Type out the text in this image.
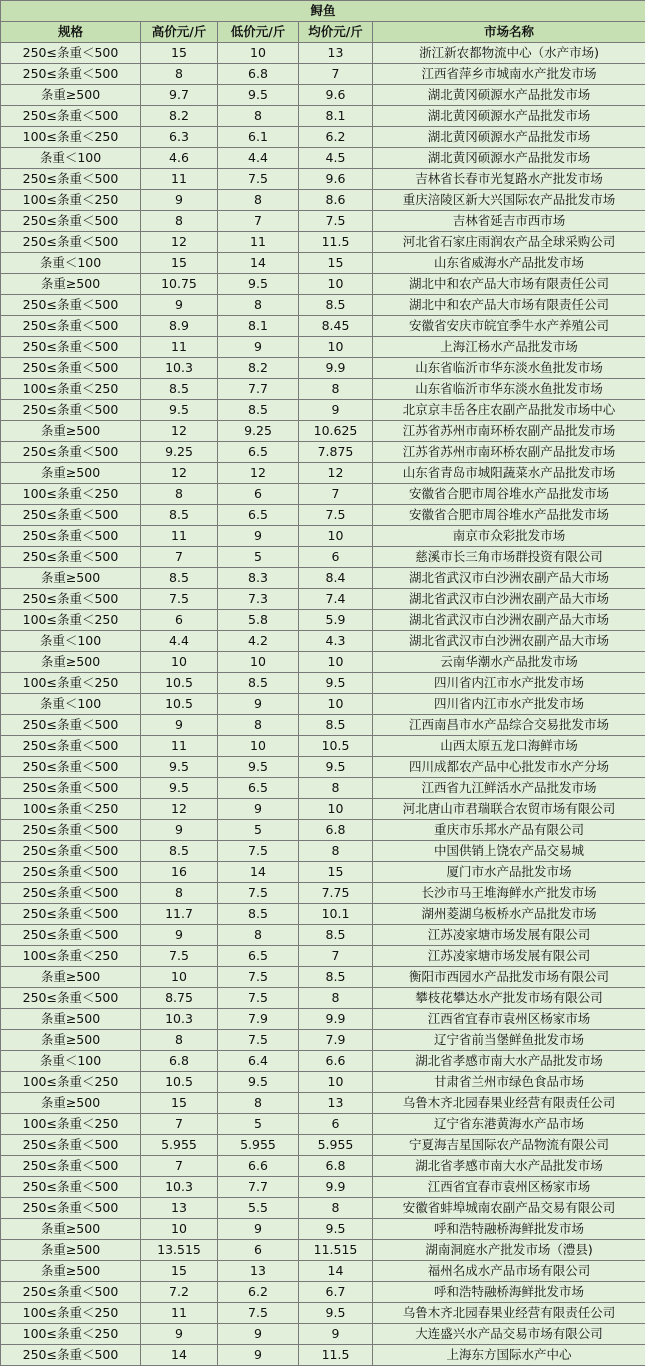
鲟鱼				
规格	高价元/斤	低价元/斤	均价元/斤	市场名称
250≤条重＜500	15	10	13	浙江新农都物流中心（水产市场)
250≤条重＜500	8	6.8	7	江西省萍乡市城南水产批发市场
条重≥500	9.7	9.5	9.6	湖北黄冈硕源水产品批发市场
250≤条重＜500	8.2	8	8.1	湖北黄冈硕源水产品批发市场
100≤条重＜250	6.3	6.1	6.2	湖北黄冈硕源水产品批发市场
条重＜100	4.6	4.4	4.5	湖北黄冈硕源水产品批发市场
250≤条重＜500	11	7.5	9.6	吉林省长春市光复路水产批发市场
100≤条重＜250	9	8	8.6	重庆涪陵区新大兴国际农产品批发市场
250≤条重＜500	8	7	7.5	吉林省延吉市西市场
250≤条重＜500	12	11	11.5	河北省石家庄雨润农产品全球采购公司
条重＜100	15	14	15	山东省威海水产品批发市场
条重≥500	10.75	9.5	10	湖北中和农产品大市场有限责任公司
250≤条重＜500	9	8	8.5	湖北中和农产品大市场有限责任公司
250≤条重＜500	8.9	8.1	8.45	安徽省安庆市皖宜季牛水产养殖公司
250≤条重＜500	11	9	10	上海江杨水产品批发市场
250≤条重＜500	10.3	8.2	9.9	山东省临沂市华东淡水鱼批发市场
100≤条重＜250	8.5	7.7	8	山东省临沂市华东淡水鱼批发市场
250≤条重＜500	9.5	8.5	9	北京京丰岳各庄农副产品批发市场中心
条重≥500	12	9.25	10.625	江苏省苏州市南环桥农副产品批发市场
250≤条重＜500	9.25	6.5	7.875	江苏省苏州市南环桥农副产品批发市场
条重≥500	12	12	12	山东省青岛市城阳蔬菜水产品批发市场
100≤条重＜250	8	6	7	安徽省合肥市周谷堆水产品批发市场
250≤条重＜500	8.5	6.5	7.5	安徽省合肥市周谷堆水产品批发市场
250≤条重＜500	11	9	10	南京市众彩批发市场
250≤条重＜500	7	5	6	慈溪市长三角市场群投资有限公司
条重≥500	8.5	8.3	8.4	湖北省武汉市白沙洲农副产品大市场
250≤条重＜500	7.5	7.3	7.4	湖北省武汉市白沙洲农副产品大市场
100≤条重＜250	6	5.8	5.9	湖北省武汉市白沙洲农副产品大市场
条重＜100	4.4	4.2	4.3	湖北省武汉市白沙洲农副产品大市场
条重≥500	10	10	10	云南华潮水产品批发市场
100≤条重＜250	10.5	8.5	9.5	四川省内江市水产批发市场
条重＜100	10.5	9	10	四川省内江市水产批发市场
250≤条重＜500	9	8	8.5	江西南昌市水产品综合交易批发市场
250≤条重＜500	11	10	10.5	山西太原五龙口海鲜市场
250≤条重＜500	9.5	9.5	9.5	四川成都农产品中心批发市水产分场
250≤条重＜500	9.5	6.5	8	江西省九江鲜活水产品批发市场
100≤条重＜250	12	9	10	河北唐山市君瑞联合农贸市场有限公司
250≤条重＜500	9	5	6.8	重庆市乐邦水产品有限公司
250≤条重＜500	8.5	7.5	8	中国供销上饶农产品交易城
250≤条重＜500	16	14	15	厦门市水产品批发市场
250≤条重＜500	8	7.5	7.75	长沙市马王堆海鲜水产批发市场
250≤条重＜500	11.7	8.5	10.1	湖州菱湖乌板桥水产品批发市场
250≤条重＜500	9	8	8.5	江苏凌家塘市场发展有限公司
100≤条重＜250	7.5	6.5	7	江苏凌家塘市场发展有限公司
条重≥500	10	7.5	8.5	衡阳市西园水产品批发市场有限公司
250≤条重＜500	8.75	7.5	8	攀枝花攀达水产批发市场有限公司
条重≥500	10.3	7.9	9.9	江西省宜春市袁州区杨家市场
条重≥500	8	7.5	7.9	辽宁省前当堡鲜鱼批发市场
条重＜100	6.8	6.4	6.6	湖北省孝感市南大水产品批发市场
100≤条重＜250	10.5	9.5	10	甘肃省兰州市绿色食品市场
条重≥500	15	8	13	乌鲁木齐北园春果业经营有限责任公司
100≤条重＜250	7	5	6	辽宁省东港黄海水产品市场
250≤条重＜500	5.955	5.955	5.955	宁夏海吉星国际农产品物流有限公司
250≤条重＜500	7	6.6	6.8	湖北省孝感市南大水产品批发市场
250≤条重＜500	10.3	7.7	9.9	江西省宜春市袁州区杨家市场
250≤条重＜500	13	5.5	8	安徽省蚌埠城南农副产品交易有限公司
条重≥500	10	9	9.5	呼和浩特融桥海鲜批发市场
条重≥500	13.515	6	11.515	湖南洞庭水产批发市场（澧县)
条重≥500	15	13	14	福州名成水产品市场有限公司
250≤条重＜500	7.2	6.2	6.7	呼和浩特融桥海鲜批发市场
100≤条重＜250	11	7.5	9.5	乌鲁木齐北园春果业经营有限责任公司
100≤条重＜250	9	9	9	大连盛兴水产品交易市场有限公司
250≤条重＜500	14	9	11.5	上海东方国际水产中心
